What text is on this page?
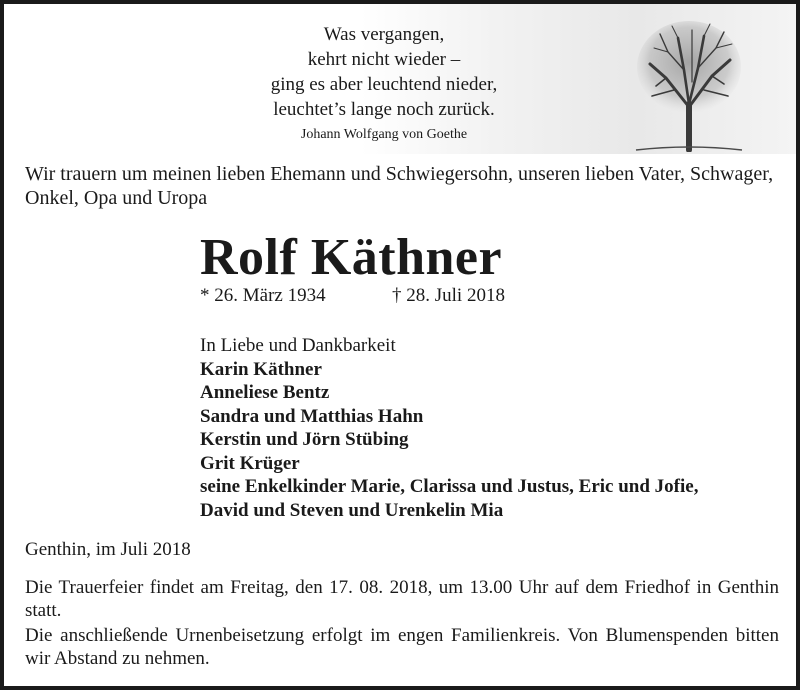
Was vergangen,
kehrt nicht wieder –
ging es aber leuchtend nieder,
leuchtet’s lange noch zurück.
Johann Wolfgang von Goethe
Wir trauern um meinen lieben Ehemann und Schwiegersohn, unseren lieben Vater, Schwager,
Onkel, Opa und Uropa
Rolf Käthner
* 26. März 1934	† 28. Juli 2018
In Liebe und Dankbarkeit
Karin Käthner
Anneliese Bentz
Sandra und Matthias Hahn
Kerstin und Jörn Stübing
Grit Krüger
seine Enkelkinder Marie, Clarissa und Justus, Eric und Jofie,
David und Steven und Urenkelin Mia
Genthin, im Juli 2018
Die Trauerfeier findet am Freitag, den 17. 08. 2018, um 13.00 Uhr auf dem Friedhof in Genthin statt.
Die anschließende Urnenbeisetzung erfolgt im engen Familienkreis. Von Blumenspenden bitten wir Abstand zu nehmen.
